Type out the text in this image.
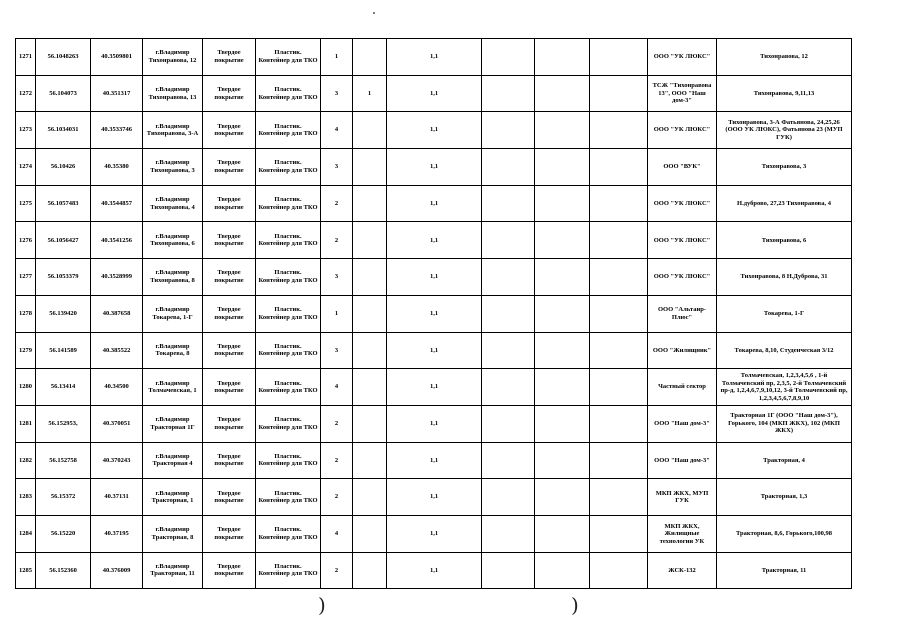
1271	56.1048263	40.3509801	г.Владимир Тихонравова, 12	Твердое покрытие	Пластик. Контейнер для ТКО	1		1,1				ООО "УК ЛЮКС"	Тихонравова, 12
1272	56.104073	40.351317	г.Владимир Тихонравова, 13	Твердое покрытие	Пластик. Контейнер для ТКО	3	1	1,1				ТСЖ "Тихонравова 13", ООО "Наш дом-3"	Тихонравова, 9,11,13
1273	56.1034031	40.3533746	г.Владимир Тихонравова, 3-А	Твердое покрытие	Пластик. Контейнер для ТКО	4		1,1				ООО "УК ЛЮКС"	Тихонравова, 3-А Фатьянова, 24,25,26 (ООО УК ЛЮКС), Фатьянова 23 (МУП ГУК)
1274	56.10426	40.35380	г.Владимир Тихонравова, 3	Твердое покрытие	Пластик. Контейнер для ТКО	3		1,1				ООО "ВУК"	Тихонравова, 3
1275	56.1057483	40.3544857	г.Владимир Тихонравова, 4	Твердое покрытие	Пластик. Контейнер для ТКО	2		1,1				ООО "УК ЛЮКС"	Н.дуброво, 27,23 Тихонравова, 4
1276	56.1056427	40.3541256	г.Владимир Тихонравова, 6	Твердое покрытие	Пластик. Контейнер для ТКО	2		1,1				ООО "УК ЛЮКС"	Тихонравова, 6
1277	56.1053379	40.3528999	г.Владимир Тихонравова, 8	Твердое покрытие	Пластик. Контейнер для ТКО	3		1,1				ООО "УК ЛЮКС"	Тихонравова, 8 Н.Дуброва, 31
1278	56.139420	40.387658	г.Владимир Токарева, 1-Г	Твердое покрытие	Пластик. Контейнер для ТКО	1		1,1				ООО "Альтаир-Плюс"	Токарева, 1-Г
1279	56.141589	40.385522	г.Владимир Токарева, 8	Твердое покрытие	Пластик. Контейнер для ТКО	3		1,1				ООО "Жилищник"	Токарева, 8,10, Студенческая 3/12
1280	56.13414	40.34500	г.Владимир Толмачевская, 1	Твердое покрытие	Пластик. Контейнер для ТКО	4		1,1				Частный сектор	Толмачевская, 1,2,3,4,5,6 , 1-й Толмачевский пр, 2,3,5, 2-й Толмачевский пр-д, 1,2,4,6,7,9,10,12, 3-й Толмачевский пр, 1,2,3,4,5,6,7,8,9,10
1281	56.152953,	40.370051	г.Владимир Тракторная 1Г	Твердое покрытие	Пластик. Контейнер для ТКО	2		1,1				ООО "Наш дом-3"	Тракторная 1Г (ООО "Наш дом-3"), Горького, 104 (МКП ЖКХ), 102 (МКП ЖКХ)
1282	56.152758	40.370243	г.Владимир Тракторная 4	Твердое покрытие	Пластик. Контейнер для ТКО	2		1,1				ООО "Наш дом-3"	Тракторная, 4
1283	56.15372	40.37131	г.Владимир Тракторная, 1	Твердое покрытие	Пластик. Контейнер для ТКО	2		1,1				МКП ЖКХ, МУП ГУК	Тракторная, 1,3
1284	56.15220	40.37195	г.Владимир Тракторная, 8	Твердое покрытие	Пластик. Контейнер для ТКО	4		1,1				МКП ЖКХ, Жилищные технологии УК	Тракторная, 8,6, Горького,100,98
1285	56.152360	40.376009	г.Владимир Тракторная, 11	Твердое покрытие	Пластик. Контейнер для ТКО	2		1,1				ЖСК-132	Тракторная, 11
)	)
